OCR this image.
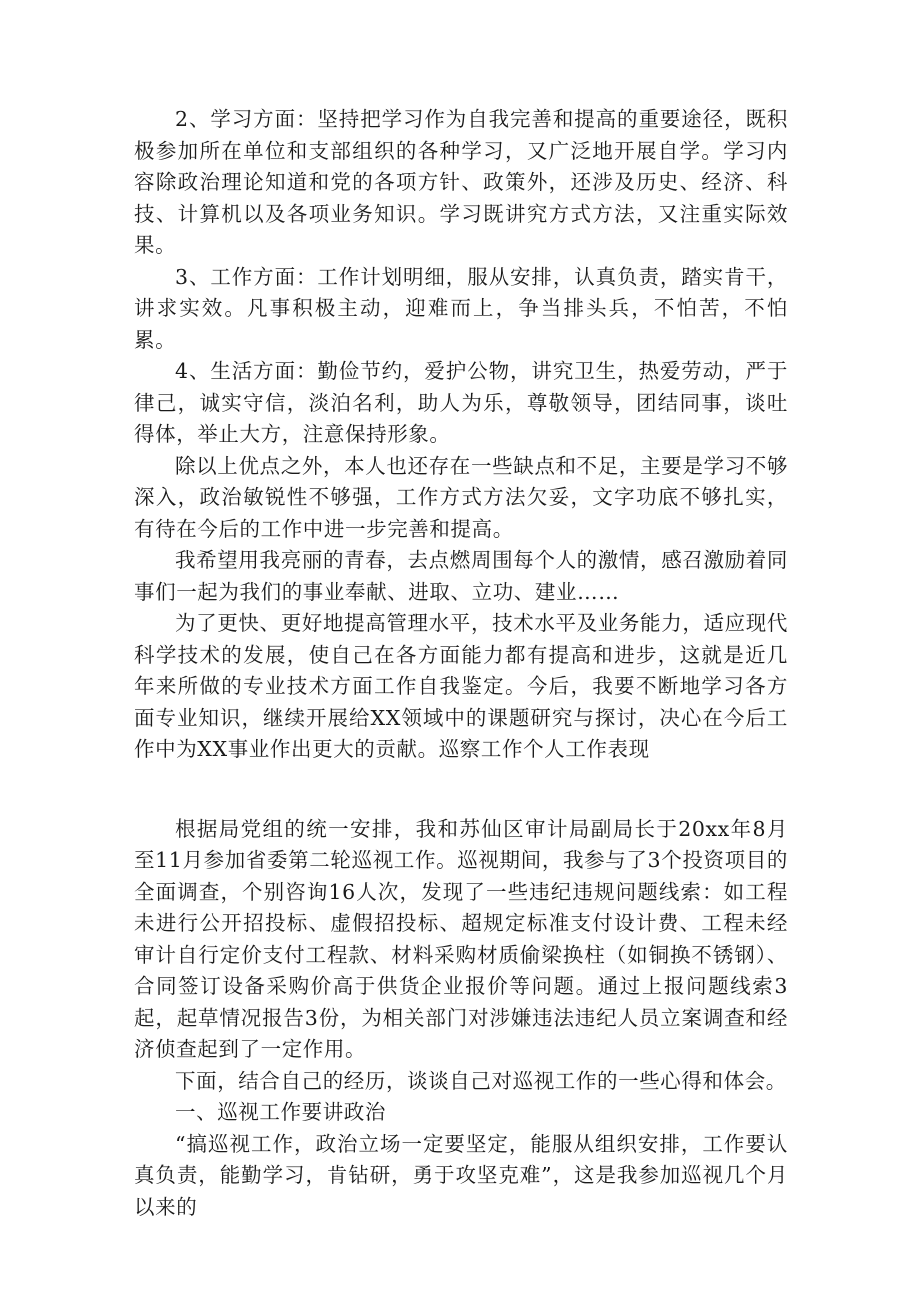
2、学习方面：坚持把学习作为自我完善和提高的重要途径，既积极参加所在单位和支部组织的各种学习，又广泛地开展自学。学习内容除政治理论知道和党的各项方针、政策外，还涉及历史、经济、科技、计算机以及各项业务知识。学习既讲究方式方法，又注重实际效果。

3、工作方面：工作计划明细，服从安排，认真负责，踏实肯干，讲求实效。凡事积极主动，迎难而上，争当排头兵，不怕苦，不怕累。

4、生活方面：勤俭节约，爱护公物，讲究卫生，热爱劳动，严于律己，诚实守信，淡泊名利，助人为乐，尊敬领导，团结同事，谈吐得体，举止大方，注意保持形象。

除以上优点之外，本人也还存在一些缺点和不足，主要是学习不够深入，政治敏锐性不够强，工作方式方法欠妥，文字功底不够扎实，有待在今后的工作中进一步完善和提高。

我希望用我亮丽的青春，去点燃周围每个人的激情，感召激励着同事们一起为我们的事业奉献、进取、立功、建业……

为了更快、更好地提高管理水平，技术水平及业务能力，适应现代科学技术的发展，使自己在各方面能力都有提高和进步，这就是近几年来所做的专业技术方面工作自我鉴定。今后，我要不断地学习各方面专业知识，继续开展给XX领域中的课题研究与探讨，决心在今后工作中为XX事业作出更大的贡献。巡察工作个人工作表现

根据局党组的统一安排，我和苏仙区审计局副局长于20xx年8月至11月参加省委第二轮巡视工作。巡视期间，我参与了3个投资项目的全面调查，个别咨询16人次，发现了一些违纪违规问题线索：如工程未进行公开招投标、虚假招投标、超规定标准支付设计费、工程未经审计自行定价支付工程款、材料采购材质偷梁换柱（如铜换不锈钢）、合同签订设备采购价高于供货企业报价等问题。通过上报问题线索3起，起草情况报告3份，为相关部门对涉嫌违法违纪人员立案调查和经济侦查起到了一定作用。

下面，结合自己的经历，谈谈自己对巡视工作的一些心得和体会。

一、巡视工作要讲政治

“搞巡视工作，政治立场一定要坚定，能服从组织安排，工作要认真负责，能勤学习，肯钻研，勇于攻坚克难”，这是我参加巡视几个月以来的
